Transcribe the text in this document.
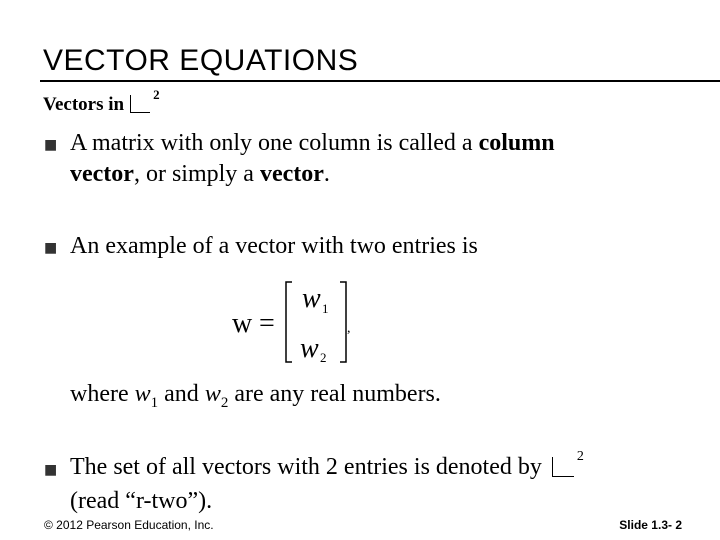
VECTOR EQUATIONS
Vectors in $^2$
■ A matrix with only one column is called a column
vector, or simply a vector.
■ An example of a vector with two entries is
w =
w 1
w 2
,
where $w_1$ and $w_2$ are any real numbers.
■ The set of all vectors with 2 entries is denoted by	$^2$
(read “r-two”).
© 2012 Pearson Education, Inc.	Slide 1.3- 2
